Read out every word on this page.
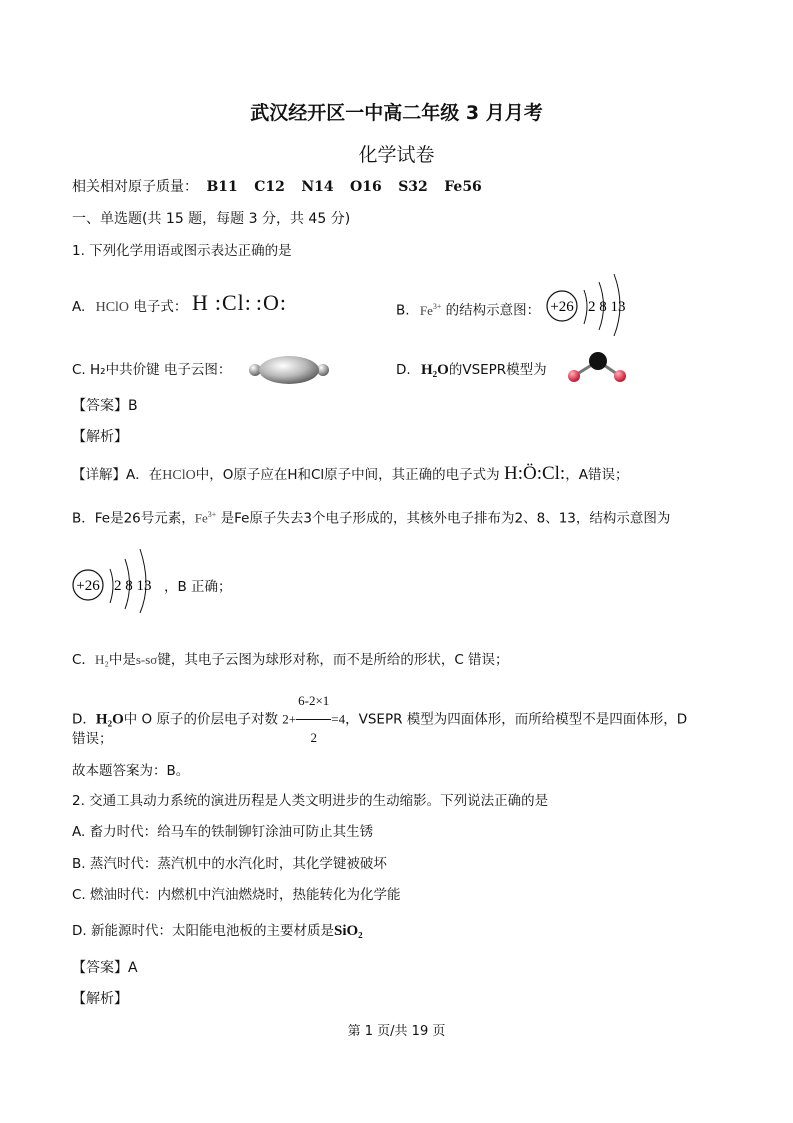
武汉经开区一中高二年级 3 月月考
化学试卷
相关相对原子质量： B11 C12 N14 O16 S32 Fe56
一、单选题(共 15 题，每题 3 分，共 45 分)
1. 下列化学用语或图示表达正确的是
A. HClO 电子式： H :Cl: :O:	B. $Fe^{3+}$ 的结构示意图： +26 2 8 13
C. H₂中共价键 电子云图：	D. H₂O的VSEPR模型为
【答案】B
【解析】
【详解】A．在HClO中，O原子应在H和Cl原子中间，其正确的电子式为 H:Ö:Cl:，A错误；
B．Fe是26号元素，$Fe^{3+}$ 是Fe原子失去3个电子形成的，其核外电子排布为2、8、13，结构示意图为
+26 2 8 13 ，B 正确；
C．H₂中是s-sσ键，其电子云图为球形对称，而不是所给的形状，C 错误；
D．H₂O中 O 原子的价层电子对数 $2+ \frac{6-2\times 1}{2} =4$，VSEPR 模型为四面体形，而所给模型不是四面体形，D
错误；
故本题答案为：B。
2. 交通工具动力系统的演进历程是人类文明进步的生动缩影。下列说法正确的是
A. 畜力时代：给马车的铁制铆钉涂油可防止其生锈
B. 蒸汽时代：蒸汽机中的水汽化时，其化学键被破坏
C. 燃油时代：内燃机中汽油燃烧时，热能转化为化学能
D. 新能源时代：太阳能电池板的主要材质是SiO₂
【答案】A
【解析】
第 1 页/共 19 页
